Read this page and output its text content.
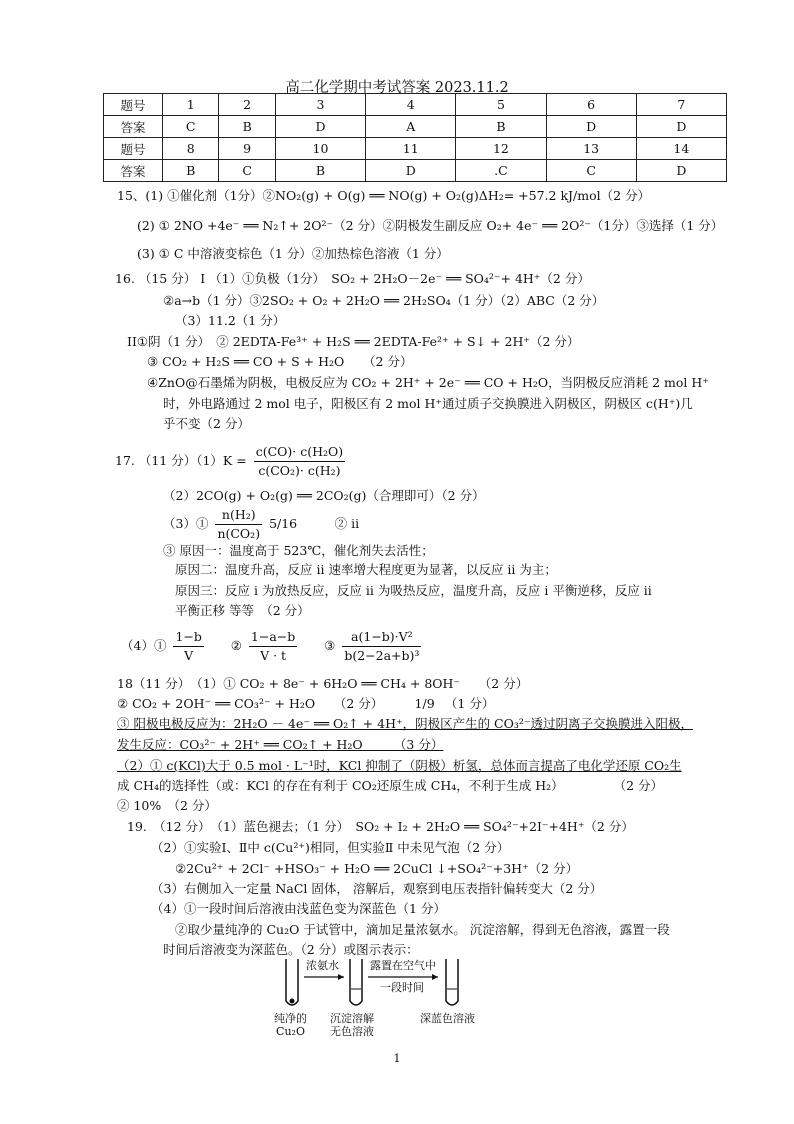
高二化学期中考试答案 2023.11.2
题号	1	2	3	4	5	6	7
答案	C	B	D	A	B	D	D
题号	8	9	10	11	12	13	14
答案	B	C	B	D	.C	C	D
15、(1) ①催化剂（1分）②NO₂(g) + O(g) ══ NO(g) + O₂(g)ΔH₂= +57.2 kJ/mol（2 分）
(2) ① 2NO +4e⁻ ══ N₂↑+ 2O²⁻（2 分）②阴极发生副反应 O₂+ 4e⁻ ══ 2O²⁻（1分）③选择（1 分）
(3) ① C 中溶液变棕色（1 分）②加热棕色溶液（1 分）
16. （15 分） Ⅰ （1）①负极（1分）　SO₂ + 2H₂O－2e⁻ ══ SO₄²⁻+ 4H⁺（2 分）
②a→b（1 分）③2SO₂ + O₂ + 2H₂O ══ 2H₂SO₄（1 分）（2）ABC（2 分）
（3）11.2（1 分）
II①阴（1 分）　② 2EDTA-Fe³⁺ + H₂S ══ 2EDTA-Fe²⁺ + S↓ + 2H⁺（2 分）
③ CO₂ + H₂S ══ CO + S + H₂O　　（2 分）
④ZnO@石墨烯为阴极，电极反应为 CO₂ + 2H⁺ + 2e⁻ ══ CO + H₂O，当阴极反应消耗 2 mol H⁺
时，外电路通过 2 mol 电子，阳极区有 2 mol H⁺通过质子交换膜进入阴极区，阴极区 c(H⁺)几
乎不变（2 分）
17. （11 分）$(1)K = \frac{\text{c(CO)· c(H₂O)}}{\text{c(CO₂)· c(H₂)}}$
（2）2CO(g) + O₂(g) ══ 2CO₂(g)（合理即可）（2 分）
（3）① $\frac{\text{n(H₂)}}{\text{n(CO₂)}} 5/16$　　　② ii
③ 原因一：温度高于 523℃，催化剂失去活性；
原因二：温度升高，反应 ii 速率增大程度更为显著，以反应 ii 为主；
原因三：反应 i 为放热反应，反应 ii 为吸热反应，温度升高，反应 i 平衡逆移，反应 ii
平衡正移 等等　（2 分）
（4）① $\frac{1-b}{V}$ ② $\frac{1-a-b}{V \cdot t}$ ③ $\frac{\text{a(1−b)·V²}}{\text{b(2−2a+b)³}}$
18（11 分）　（1）① CO₂ + 8e⁻ + 6H₂O ══ CH₄ + 8OH⁻　　（2 分）
② CO₂ + 2OH⁻ ══ CO₃²⁻ + H₂O　　（2 分）　　　1/9 　（1 分）
③ 阳极电极反应为：2H₂O － 4e⁻ ══ O₂↑ + 4H⁺，阴极区产生的 CO₃²⁻透过阴离子交换膜进入阳极，
发生反应：CO₃²⁻ + 2H⁺ ══ CO₂↑ + H₂O　　　（3 分）
（2）① c(KCl)大于 0.5 mol · L⁻¹时，KCl 抑制了（阴极）析氢，总体而言提高了电化学还原 CO₂生
成 CH₄的选择性（或：KCl 的存在有利于 CO₂还原生成 CH₄，不利于生成 H₂）　　　　　（2 分）
② 10%　（2 分）
19.　（12 分）　（1）蓝色褪去；（1 分）　SO₂ + I₂ + 2H₂O ══ SO₄²⁻+2I⁻+4H⁺（2 分）
（2）①实验Ⅰ、Ⅱ中 c(Cu²⁺)相同，但实验Ⅱ 中未见气泡（2 分）
②2Cu²⁺ + 2Cl⁻ +HSO₃⁻ + H₂O ══ 2CuCl ↓+SO₄²⁻+3H⁺（2 分）
（3）右侧加入一定量 NaCl 固体， 溶解后，观察到电压表指针偏转变大（2 分）
（4）①一段时间后溶液由浅蓝色变为深蓝色（1 分）
②取少量纯净的 Cu₂O 于试管中，滴加足量浓氨水。 沉淀溶解，得到无色溶液，露置一段
时间后溶液变为深蓝色。（2 分）或图示表示：
浓氨水	露置在空气中
一段时间
纯净的
Cu₂O
沉淀溶解
无色溶液
深蓝色溶液
1
